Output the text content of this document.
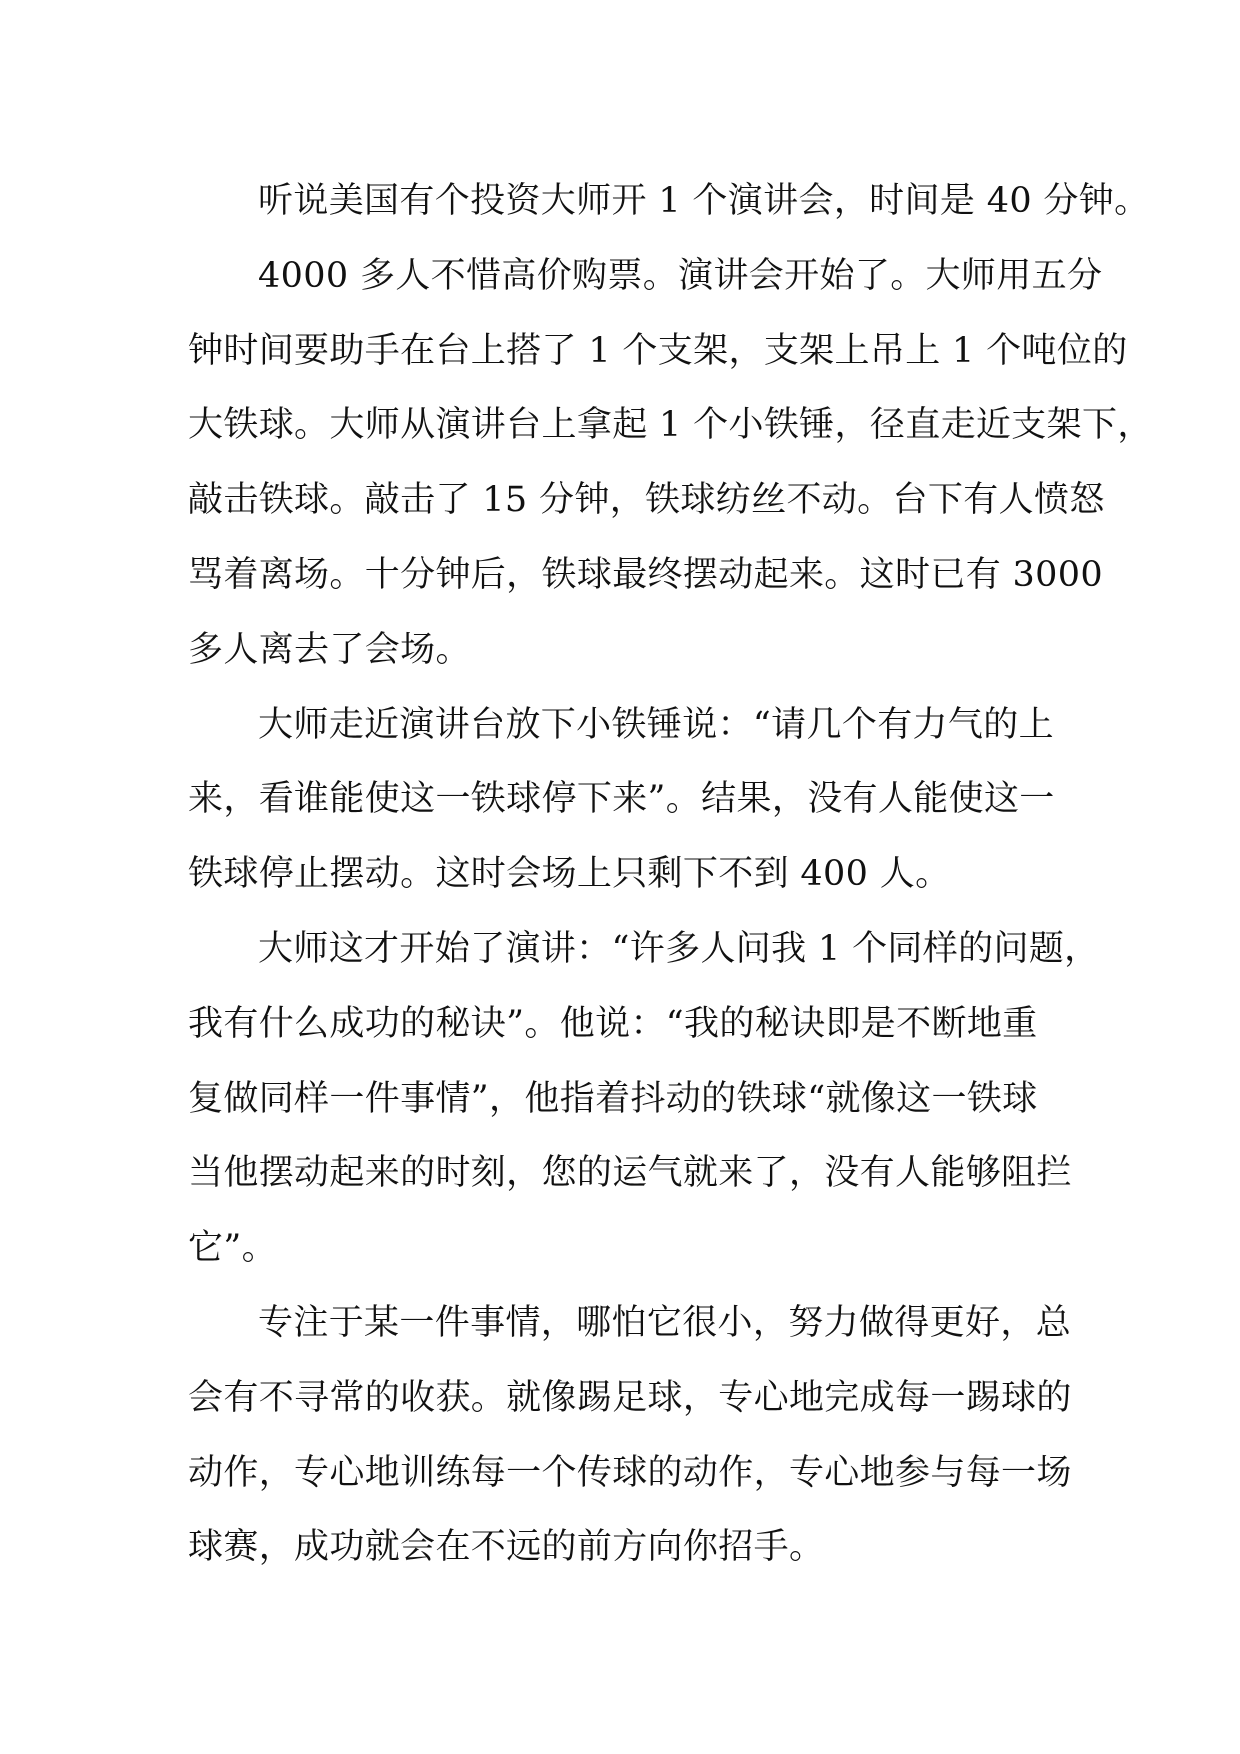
听说美国有个投资大师开 1 个演讲会，时间是 40 分钟。
4000 多人不惜高价购票。演讲会开始了。大师用五分
钟时间要助手在台上搭了 1 个支架，支架上吊上 1 个吨位的
大铁球。大师从演讲台上拿起 1 个小铁锤，径直走近支架下，
敲击铁球。敲击了 15 分钟，铁球纺丝不动。台下有人愤怒
骂着离场。十分钟后，铁球最终摆动起来。这时已有 3000
多人离去了会场。
大师走近演讲台放下小铁锤说：“请几个有力气的上
来，看谁能使这一铁球停下来”。结果，没有人能使这一
铁球停止摆动。这时会场上只剩下不到 400 人。
大师这才开始了演讲：“许多人问我 1 个同样的问题，
我有什么成功的秘诀”。他说：“我的秘诀即是不断地重
复做同样一件事情”，他指着抖动的铁球“就像这一铁球
当他摆动起来的时刻，您的运气就来了，没有人能够阻拦
它”。
专注于某一件事情，哪怕它很小，努力做得更好，总
会有不寻常的收获。就像踢足球，专心地完成每一踢球的
动作，专心地训练每一个传球的动作，专心地参与每一场
球赛，成功就会在不远的前方向你招手。
